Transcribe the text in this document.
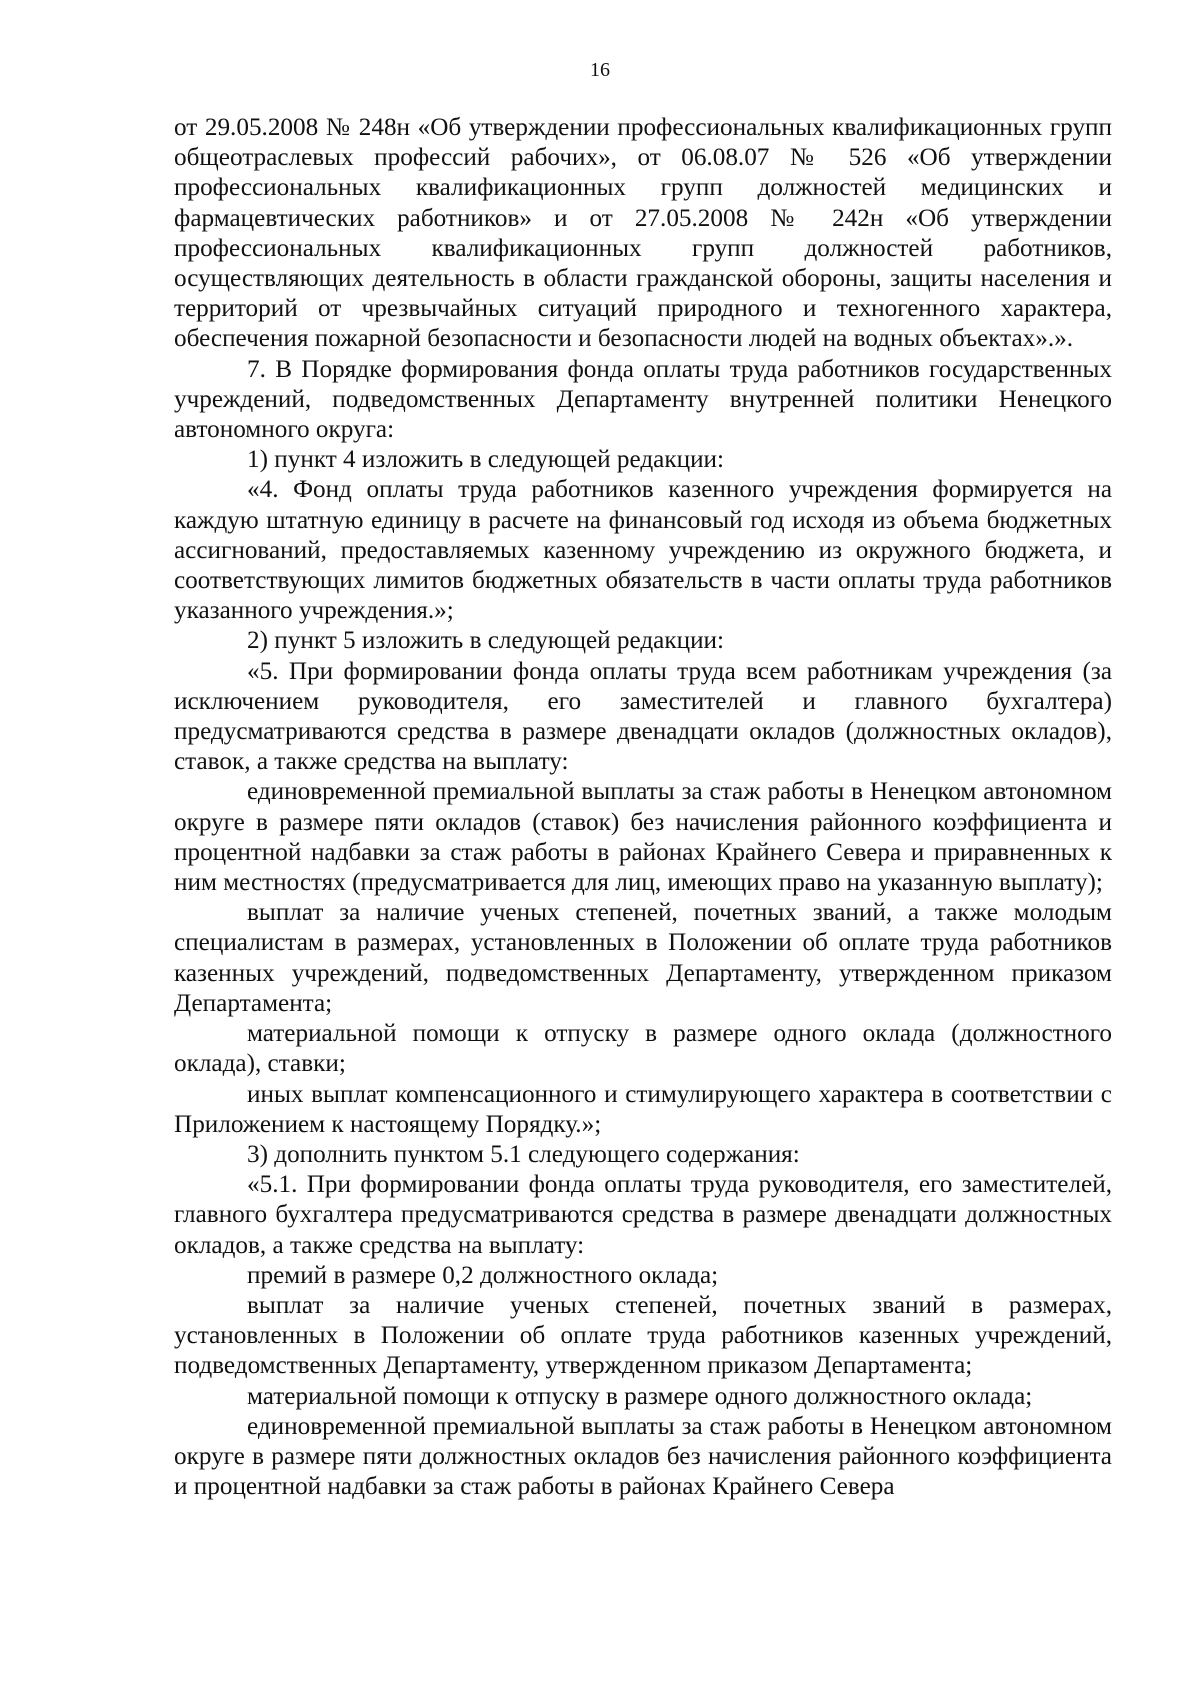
16

от 29.05.2008 № 248н «Об утверждении профессиональных квалификационных групп общеотраслевых профессий рабочих», от 06.08.07 № 526 «Об утверждении профессиональных квалификационных групп должностей медицинских и фармацевтических работников» и от 27.05.2008 № 242н «Об утверждении профессиональных квалификационных групп должностей работников, осуществляющих деятельность в области гражданской обороны, защиты населения и территорий от чрезвычайных ситуаций природного и техногенного характера, обеспечения пожарной безопасности и безопасности людей на водных объектах».».

7. В Порядке формирования фонда оплаты труда работников государственных учреждений, подведомственных Департаменту внутренней политики Ненецкого автономного округа:

1) пункт 4 изложить в следующей редакции:

«4. Фонд оплаты труда работников казенного учреждения формируется на каждую штатную единицу в расчете на финансовый год исходя из объема бюджетных ассигнований, предоставляемых казенному учреждению из окружного бюджета, и соответствующих лимитов бюджетных обязательств в части оплаты труда работников указанного учреждения.»;

2) пункт 5 изложить в следующей редакции:

«5. При формировании фонда оплаты труда всем работникам учреждения (за исключением руководителя, его заместителей и главного бухгалтера) предусматриваются средства в размере двенадцати окладов (должностных окладов), ставок, а также средства на выплату:

единовременной премиальной выплаты за стаж работы в Ненецком автономном округе в размере пяти окладов (ставок) без начисления районного коэффициента и процентной надбавки за стаж работы в районах Крайнего Севера и приравненных к ним местностях (предусматривается для лиц, имеющих право на указанную выплату);

выплат за наличие ученых степеней, почетных званий, а также молодым специалистам в размерах, установленных в Положении об оплате труда работников казенных учреждений, подведомственных Департаменту, утвержденном приказом Департамента;

материальной помощи к отпуску в размере одного оклада (должностного оклада), ставки;

иных выплат компенсационного и стимулирующего характера в соответствии с Приложением к настоящему Порядку.»;

3) дополнить пунктом 5.1 следующего содержания:

«5.1. При формировании фонда оплаты труда руководителя, его заместителей, главного бухгалтера предусматриваются средства в размере двенадцати должностных окладов, а также средства на выплату:

премий в размере 0,2 должностного оклада;

выплат за наличие ученых степеней, почетных званий в размерах, установленных в Положении об оплате труда работников казенных учреждений, подведомственных Департаменту, утвержденном приказом Департамента;

материальной помощи к отпуску в размере одного должностного оклада;

единовременной премиальной выплаты за стаж работы в Ненецком автономном округе в размере пяти должностных окладов без начисления районного коэффициента и процентной надбавки за стаж работы в районах Крайнего Севера
